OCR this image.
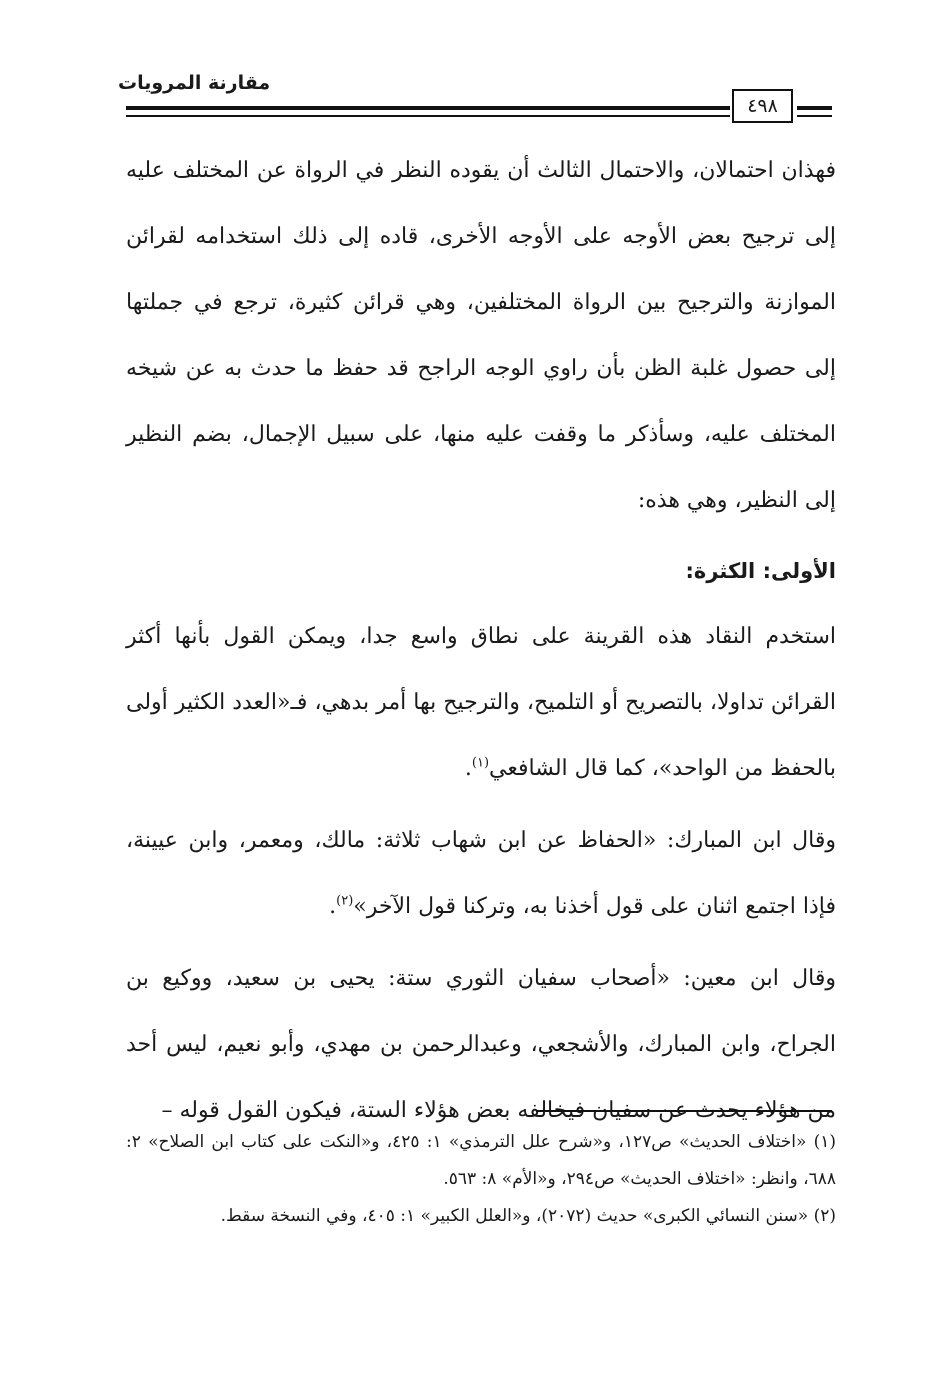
مقارنة المرويات
٤٩٨

فهذان احتمالان، والاحتمال الثالث أن يقوده النظر في الرواة عن المختلف عليه إلى ترجيح بعض الأوجه على الأوجه الأخرى، قاده إلى ذلك استخدامه لقرائن الموازنة والترجيح بين الرواة المختلفين، وهي قرائن كثيرة، ترجع في جملتها إلى حصول غلبة الظن بأن راوي الوجه الراجح قد حفظ ما حدث به عن شيخه المختلف عليه، وسأذكر ما وقفت عليه منها، على سبيل الإجمال، بضم النظير إلى النظير، وهي هذه:

الأولى: الكثرة:

استخدم النقاد هذه القرينة على نطاق واسع جدا، ويمكن القول بأنها أكثر القرائن تداولا، بالتصريح أو التلميح، والترجيح بها أمر بدهي، فـ«العدد الكثير أولى بالحفظ من الواحد»، كما قال الشافعي$^{(١)}$.

وقال ابن المبارك: «الحفاظ عن ابن شهاب ثلاثة: مالك، ومعمر، وابن عيينة، فإذا اجتمع اثنان على قول أخذنا به، وتركنا قول الآخر»$^{(٢)}$.

وقال ابن معين: «أصحاب سفيان الثوري ستة: يحيى بن سعيد، ووكيع بن الجراح، وابن المبارك، والأشجعي، وعبدالرحمن بن مهدي، وأبو نعيم، ليس أحد من هؤلاء يحدث عن سفيان فيخالفه بعض هؤلاء الستة، فيكون القول قوله –

(١) «اختلاف الحديث» ص١٢٧، و«شرح علل الترمذي» ١: ٤٢٥، و«النكت على كتاب ابن الصلاح» ٢: ٦٨٨، وانظر: «اختلاف الحديث» ص٢٩٤، و«الأم» ٨: ٥٦٣.

(٢) «سنن النسائي الكبرى» حديث (٢٠٧٢)، و«العلل الكبير» ١: ٤٠٥، وفي النسخة سقط.
